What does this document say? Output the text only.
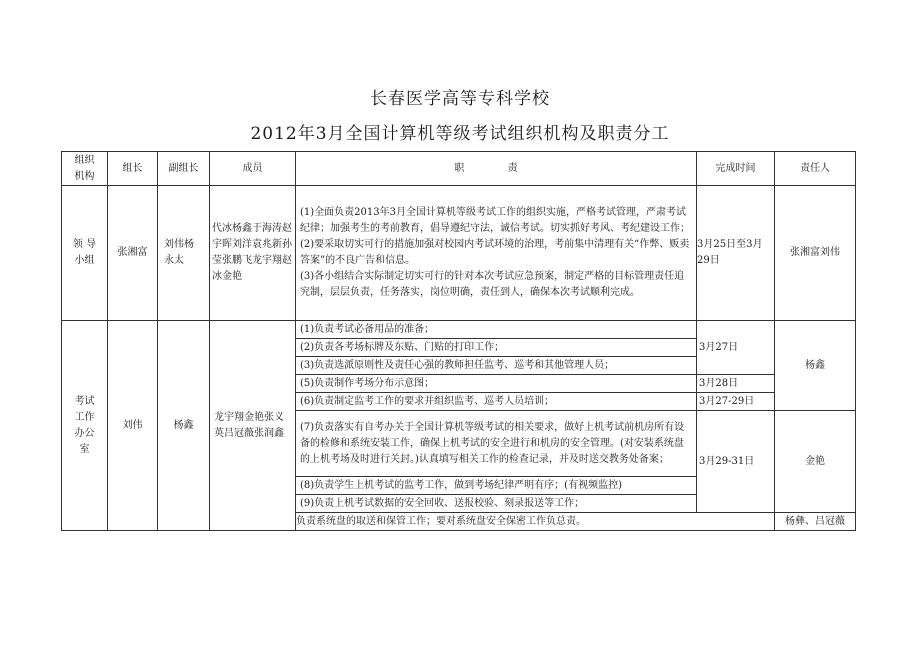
长春医学高等专科学校
2012年3月全国计算机等级考试组织机构及职责分工
组织机构	组长	副组长	成员	职 责	完成时间	责任人
领 导 小组	张湘富	刘伟杨永太	代冰杨鑫于海涛赵宇晖刘洋袁兆新孙莹张鹏飞龙宇翔赵冰金艳	(1)全面负责2013年3月全国计算机等级考试工作的组织实施，严格考试管理，严肃考试纪律；加强考生的考前教育，倡导遵纪守法，诚信考试。切实抓好考风、考纪建设工作；
(2)要采取切实可行的措施加强对校园内考试环境的治理，考前集中清理有关“作弊、贩卖答案”的不良广告和信息。
(3)各小组结合实际制定切实可行的针对本次考试应急预案，制定严格的目标管理责任追究制，层层负责，任务落实，岗位明确，责任到人，确保本次考试顺利完成。	3月25日至3月29日	张湘富刘伟
考试工作办公室	刘伟	杨鑫	龙宇翔金艳张义英吕冠薇张润鑫	(1)负责考试必备用品的准备；	3月27日	杨鑫
				(2)负责各考场标牌及东贴、门贴的打印工作；		
				(3)负责选派原则性及责任心强的教师担任监考、巡考和其他管理人员；		
				(5)负责制作考场分布示意图；	3月28日	
				(6)负责制定监考工作的要求并组织监考、巡考人员培训；	3月27-29日	
				(7)负责落实有自考办关于全国计算机等级考试的相关要求，做好上机考试前机房所有设备的检修和系统安装工作，确保上机考试的安全进行和机房的安全管理。(对安装系统盘的上机考场及时进行关封。)认真填写相关工作的检查记录，并及时送交教务处备案；	3月29-31日	金艳
				(8)负责学生上机考试的监考工作，做到考场纪律严明有序；(有视频监控)		
				(9)负责上机考试数据的安全回收、送报校验、刻录报送等工作；		
				负责系统盘的取送和保管工作；要对系统盘安全保密工作负总责。		杨彝、吕冠薇
